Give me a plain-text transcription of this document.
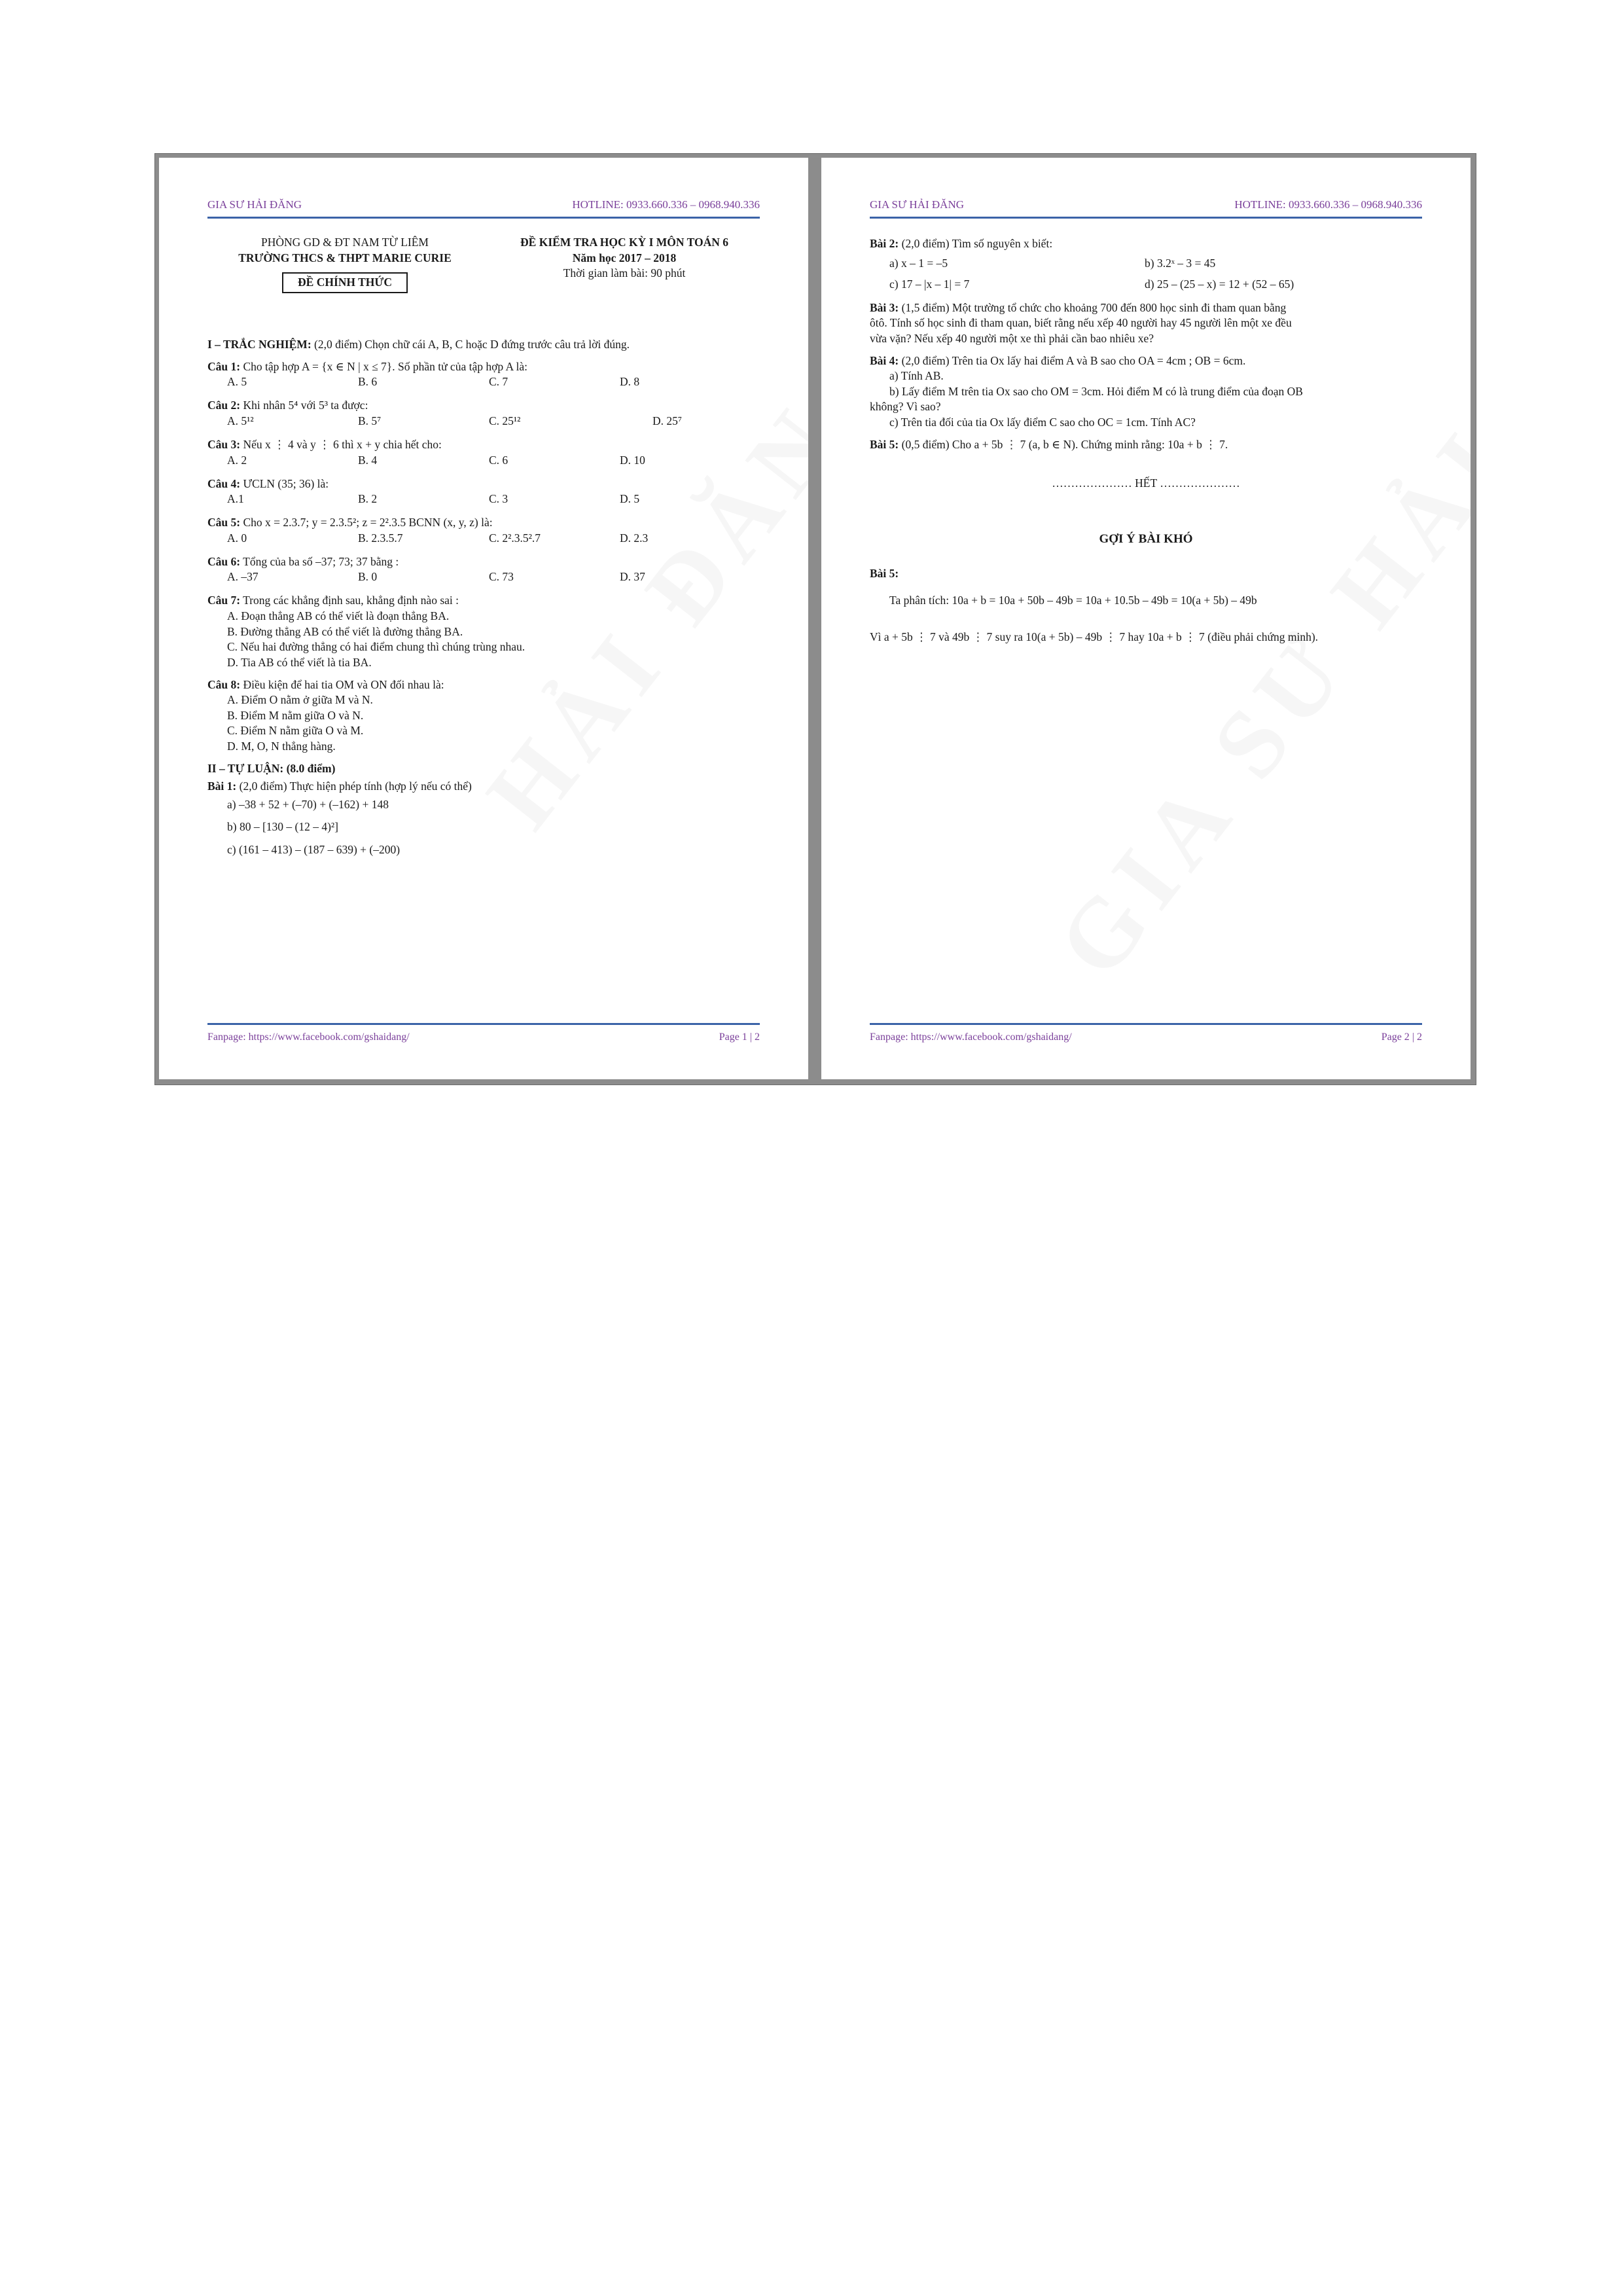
GIA SƯ HẢI ĐĂNG	HOTLINE: 0933.660.336 – 0968.940.336
PHÒNG GD & ĐT NAM TỪ LIÊM
TRƯỜNG THCS & THPT MARIE CURIE
ĐỀ CHÍNH THỨC
ĐỀ KIỂM TRA HỌC KỲ I MÔN TOÁN 6
Năm học 2017 – 2018
Thời gian làm bài: 90 phút
I – TRẮC NGHIỆM: (2,0 điểm) Chọn chữ cái A, B, C hoặc D đứng trước câu trả lời đúng.
Câu 1: Cho tập hợp A = {x ∈ N | x ≤ 7}. Số phần tử của tập hợp A là:
A. 5	B. 6	C. 7	D. 8
Câu 2: Khi nhân 5⁴ với 5³ ta được:
A. 5¹²	B. 5⁷	C. 25¹²	D. 25⁷
Câu 3: Nếu x ⋮ 4 và y ⋮ 6 thì x + y chia hết cho:
A. 2	B. 4	C. 6	D. 10
Câu 4: ƯCLN (35; 36) là:
A.1	B. 2	C. 3	D. 5
Câu 5: Cho x = 2.3.7; y = 2.3.5²; z = 2².3.5 BCNN (x, y, z) là:
A. 0	B. 2.3.5.7	C. 2².3.5².7	D. 2.3
Câu 6: Tổng của ba số –37; 73; 37 bằng :
A. –37	B. 0	C. 73	D. 37
Câu 7: Trong các khẳng định sau, khẳng định nào sai :
A. Đoạn thẳng AB có thể viết là đoạn thẳng BA.
B. Đường thẳng AB có thể viết là đường thẳng BA.
C. Nếu hai đường thẳng có hai điểm chung thì chúng trùng nhau.
D. Tia AB có thể viết là tia BA.
Câu 8: Điều kiện để hai tia OM và ON đối nhau là:
A. Điểm O nằm ở giữa M và N.
B. Điểm M nằm giữa O và N.
C. Điểm N nằm giữa O và M.
D. M, O, N thẳng hàng.
II – TỰ LUẬN: (8.0 điểm)
Bài 1: (2,0 điểm) Thực hiện phép tính (hợp lý nếu có thể)
a) –38 + 52 + (–70) + (–162) + 148
b) 80 – [130 – (12 – 4)²]
c) (161 – 413) – (187 – 639) + (–200)
Fanpage: https://www.facebook.com/gshaidang/	Page 1 | 2
GIA SƯ HẢI ĐĂNG	HOTLINE: 0933.660.336 – 0968.940.336
Bài 2: (2,0 điểm) Tìm số nguyên x biết:
a) x – 1 = –5	b) 3.2ˣ – 3 = 45
c) 17 – |x – 1| = 7	d) 25 – (25 – x) = 12 + (52 – 65)
Bài 3: (1,5 điểm) Một trường tổ chức cho khoảng 700 đến 800 học sinh đi tham quan bằng
ôtô. Tính số học sinh đi tham quan, biết rằng nếu xếp 40 người hay 45 người lên một xe đều
vừa vặn? Nếu xếp 40 người một xe thì phải cần bao nhiêu xe?
Bài 4: (2,0 điểm) Trên tia Ox lấy hai điểm A và B sao cho OA = 4cm ; OB = 6cm.
a) Tính AB.
b) Lấy điểm M trên tia Ox sao cho OM = 3cm. Hỏi điểm M có là trung điểm của đoạn OB
không? Vì sao?
c) Trên tia đối của tia Ox lấy điểm C sao cho OC = 1cm. Tính AC?
Bài 5: (0,5 điểm) Cho a + 5b ⋮ 7 (a, b ∈ N). Chứng minh rằng: 10a + b ⋮ 7.
………………… HẾT …………………
GỢI Ý BÀI KHÓ
Bài 5:
Ta phân tích: 10a + b = 10a + 50b – 49b = 10a + 10.5b – 49b = 10(a + 5b) – 49b
Vì a + 5b ⋮ 7 và 49b ⋮ 7 suy ra 10(a + 5b) – 49b ⋮ 7 hay 10a + b ⋮ 7 (điều phải chứng minh).
Fanpage: https://www.facebook.com/gshaidang/	Page 2 | 2
